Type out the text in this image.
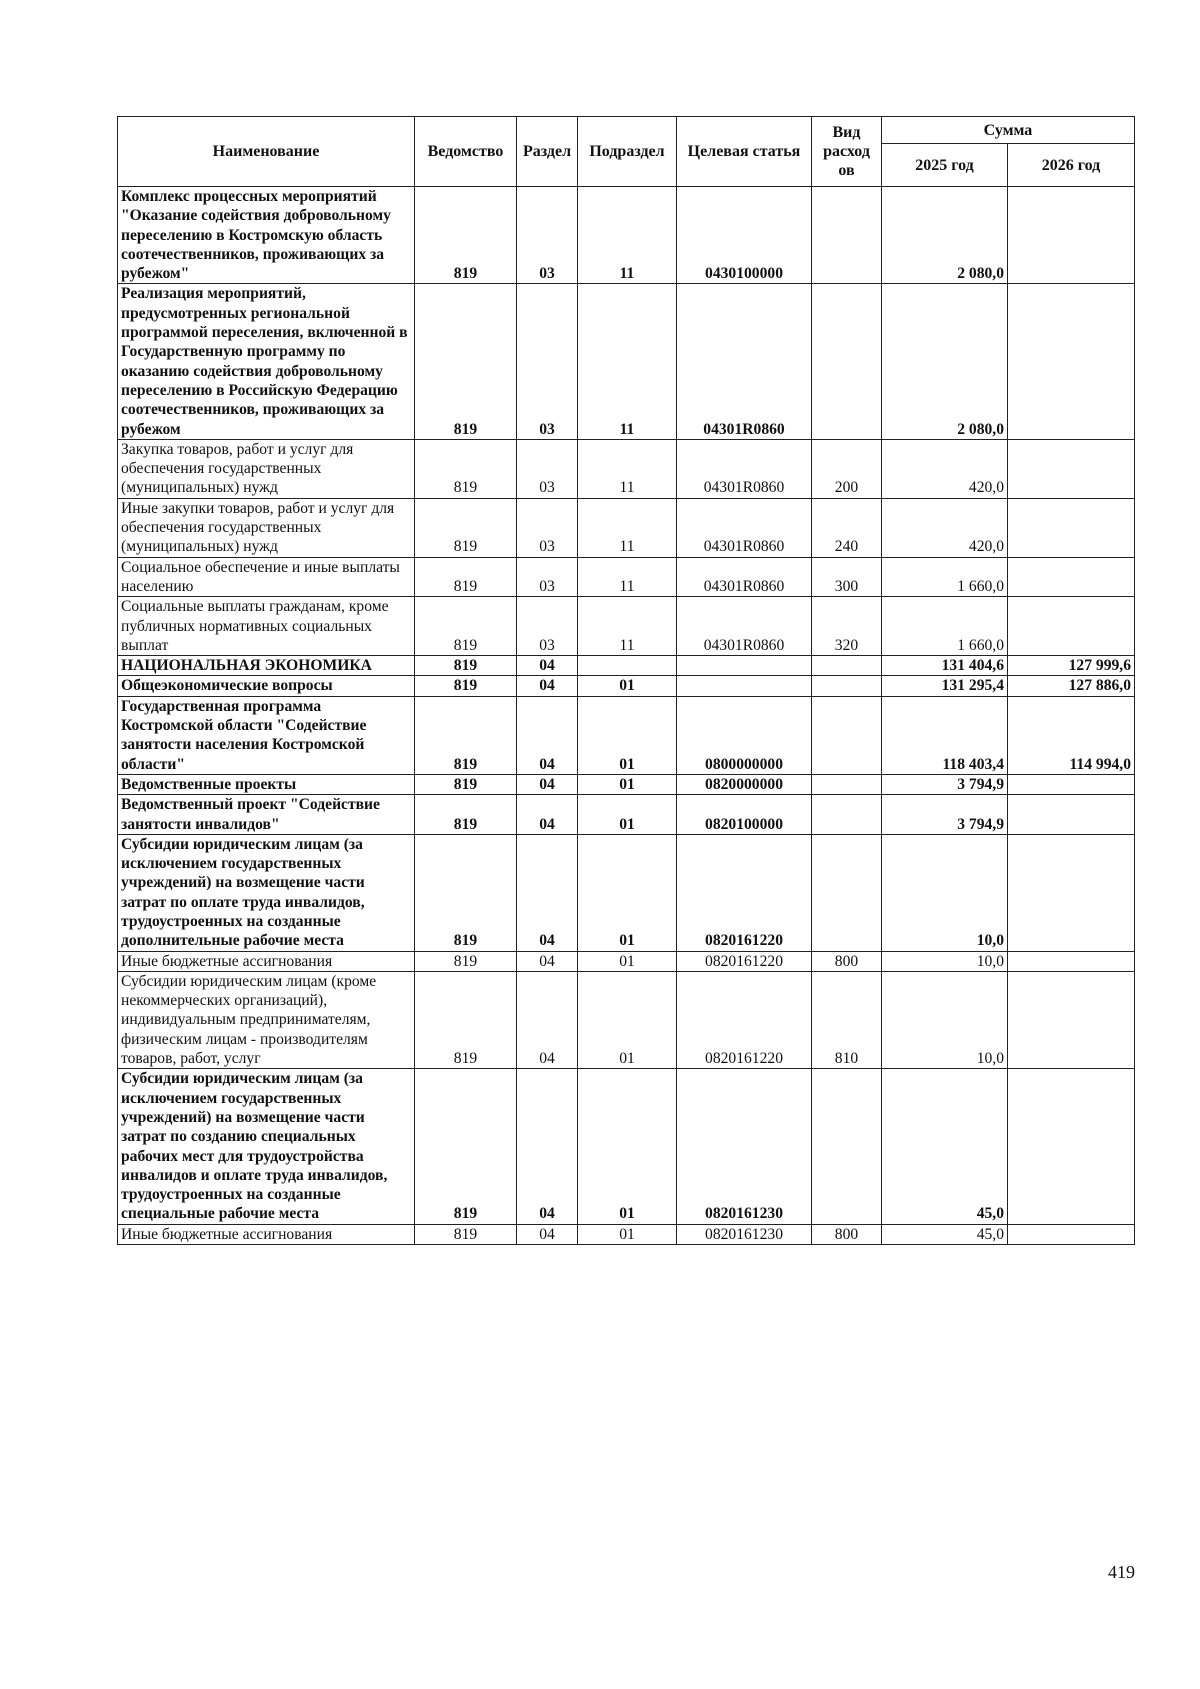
Наименование	Ведомство	Раздел	Подраздел	Целевая статья	Вид расход ов	Сумма	
						2025 год	2026 год
Комплекс процессных мероприятий "Оказание содействия добровольному переселению в Костромскую область соотечественников, проживающих за рубежом"	819	03	11	0430100000		2 080,0	
Реализация мероприятий, предусмотренных региональной программой переселения, включенной в Государственную программу по оказанию содействия добровольному переселению в Российскую Федерацию соотечественников, проживающих за рубежом	819	03	11	04301R0860		2 080,0	
Закупка товаров, работ и услуг для обеспечения государственных (муниципальных) нужд	819	03	11	04301R0860	200	420,0	
Иные закупки товаров, работ и услуг для обеспечения государственных (муниципальных) нужд	819	03	11	04301R0860	240	420,0	
Социальное обеспечение и иные выплаты населению	819	03	11	04301R0860	300	1 660,0	
Социальные выплаты гражданам, кроме публичных нормативных социальных выплат	819	03	11	04301R0860	320	1 660,0	
НАЦИОНАЛЬНАЯ ЭКОНОМИКА	819	04				131 404,6	127 999,6
Общеэкономические вопросы	819	04	01			131 295,4	127 886,0
Государственная программа Костромской области "Содействие занятости населения Костромской области"	819	04	01	0800000000		118 403,4	114 994,0
Ведомственные проекты	819	04	01	0820000000		3 794,9	
Ведомственный проект "Содействие занятости инвалидов"	819	04	01	0820100000		3 794,9	
Субсидии юридическим лицам (за исключением государственных учреждений) на возмещение части затрат по оплате труда инвалидов, трудоустроенных на созданные дополнительные рабочие места	819	04	01	0820161220		10,0	
Иные бюджетные ассигнования	819	04	01	0820161220	800	10,0	
Субсидии юридическим лицам (кроме некоммерческих организаций), индивидуальным предпринимателям, физическим лицам - производителям товаров, работ, услуг	819	04	01	0820161220	810	10,0	
Субсидии юридическим лицам (за исключением государственных учреждений) на возмещение части затрат по созданию специальных рабочих мест для трудоустройства инвалидов и оплате труда инвалидов, трудоустроенных на созданные специальные рабочие места	819	04	01	0820161230		45,0	
Иные бюджетные ассигнования	819	04	01	0820161230	800	45,0	
419
